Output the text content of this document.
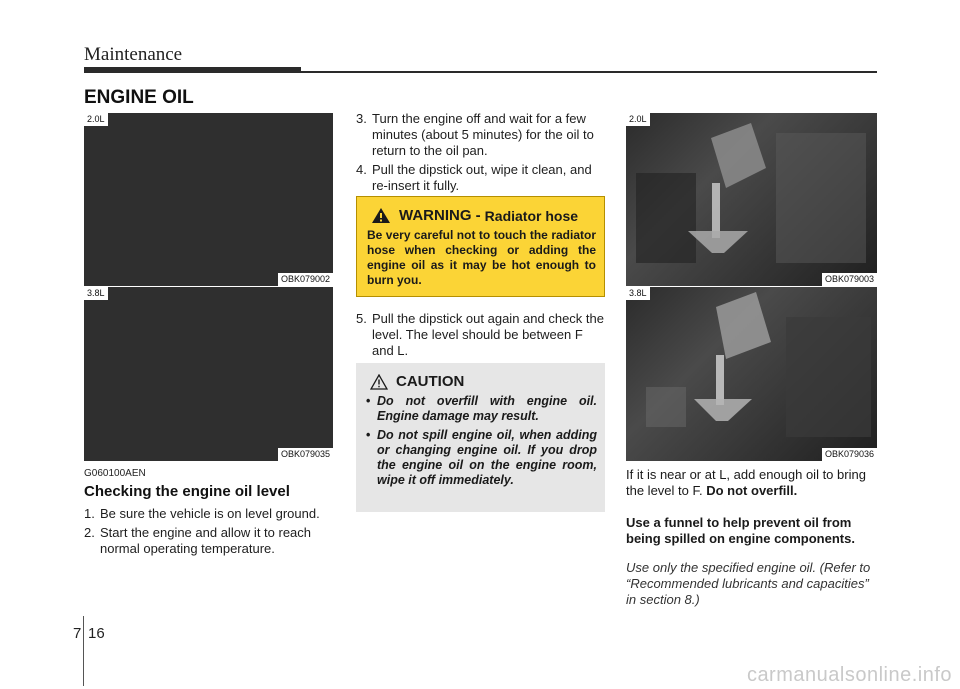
Maintenance
ENGINE OIL
2.0L
OBK079002
3.8L
OBK079035
G060100AEN
Checking the engine oil level
1. Be sure the vehicle is on level ground.
2. Start the engine and allow it to reach normal operating temperature.
3. Turn the engine off and wait for a few minutes (about 5 minutes) for the oil to return to the oil pan.
4. Pull the dipstick out, wipe it clean, and re-insert it fully.
WARNING - Radiator hose
Be very careful not to touch the radiator hose when checking or adding the engine oil as it may be hot enough to burn you.
5. Pull the dipstick out again and check the level. The level should be between F and L.
CAUTION
• Do not overfill with engine oil. Engine damage may result.
• Do not spill engine oil, when adding or changing engine oil. If you drop the engine oil on the engine room, wipe it off immediately.
2.0L
OBK079003
3.8L
OBK079036
If it is near or at L, add enough oil to bring the level to F. Do not overfill.
Use a funnel to help prevent oil from being spilled on engine components.
Use only the specified engine oil. (Refer to “Recommended lubricants and capacities” in section 8.)
7 16
carmanualsonline.info
